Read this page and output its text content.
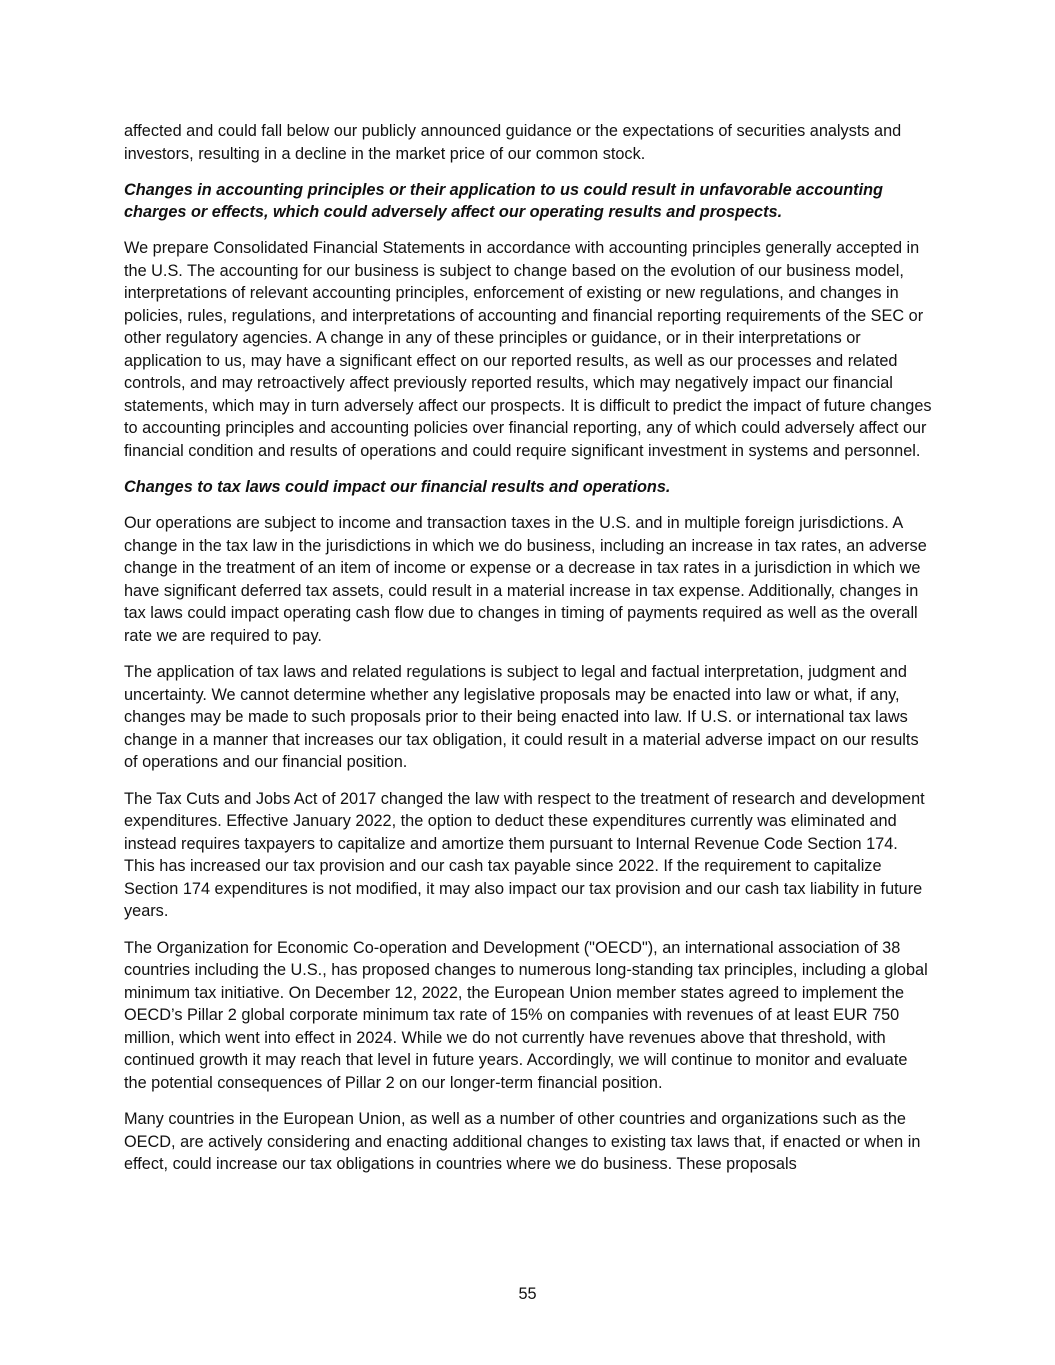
affected and could fall below our publicly announced guidance or the expectations of securities analysts and investors, resulting in a decline in the market price of our common stock.

Changes in accounting principles or their application to us could result in unfavorable accounting charges or effects, which could adversely affect our operating results and prospects.

We prepare Consolidated Financial Statements in accordance with accounting principles generally accepted in the U.S. The accounting for our business is subject to change based on the evolution of our business model, interpretations of relevant accounting principles, enforcement of existing or new regulations, and changes in policies, rules, regulations, and interpretations of accounting and financial reporting requirements of the SEC or other regulatory agencies. A change in any of these principles or guidance, or in their interpretations or application to us, may have a significant effect on our reported results, as well as our processes and related controls, and may retroactively affect previously reported results, which may negatively impact our financial statements, which may in turn adversely affect our prospects. It is difficult to predict the impact of future changes to accounting principles and accounting policies over financial reporting, any of which could adversely affect our financial condition and results of operations and could require significant investment in systems and personnel.

Changes to tax laws could impact our financial results and operations.

Our operations are subject to income and transaction taxes in the U.S. and in multiple foreign jurisdictions. A change in the tax law in the jurisdictions in which we do business, including an increase in tax rates, an adverse change in the treatment of an item of income or expense or a decrease in tax rates in a jurisdiction in which we have significant deferred tax assets, could result in a material increase in tax expense. Additionally, changes in tax laws could impact operating cash flow due to changes in timing of payments required as well as the overall rate we are required to pay.

The application of tax laws and related regulations is subject to legal and factual interpretation, judgment and uncertainty. We cannot determine whether any legislative proposals may be enacted into law or what, if any, changes may be made to such proposals prior to their being enacted into law. If U.S. or international tax laws change in a manner that increases our tax obligation, it could result in a material adverse impact on our results of operations and our financial position.

The Tax Cuts and Jobs Act of 2017 changed the law with respect to the treatment of research and development expenditures. Effective January 2022, the option to deduct these expenditures currently was eliminated and instead requires taxpayers to capitalize and amortize them pursuant to Internal Revenue Code Section 174. This has increased our tax provision and our cash tax payable since 2022. If the requirement to capitalize Section 174 expenditures is not modified, it may also impact our tax provision and our cash tax liability in future years.

The Organization for Economic Co-operation and Development ("OECD"), an international association of 38 countries including the U.S., has proposed changes to numerous long-standing tax principles, including a global minimum tax initiative. On December 12, 2022, the European Union member states agreed to implement the OECD’s Pillar 2 global corporate minimum tax rate of 15% on companies with revenues of at least EUR 750 million, which went into effect in 2024. While we do not currently have revenues above that threshold, with continued growth it may reach that level in future years. Accordingly, we will continue to monitor and evaluate the potential consequences of Pillar 2 on our longer-term financial position.

Many countries in the European Union, as well as a number of other countries and organizations such as the OECD, are actively considering and enacting additional changes to existing tax laws that, if enacted or when in effect, could increase our tax obligations in countries where we do business. These proposals

55
